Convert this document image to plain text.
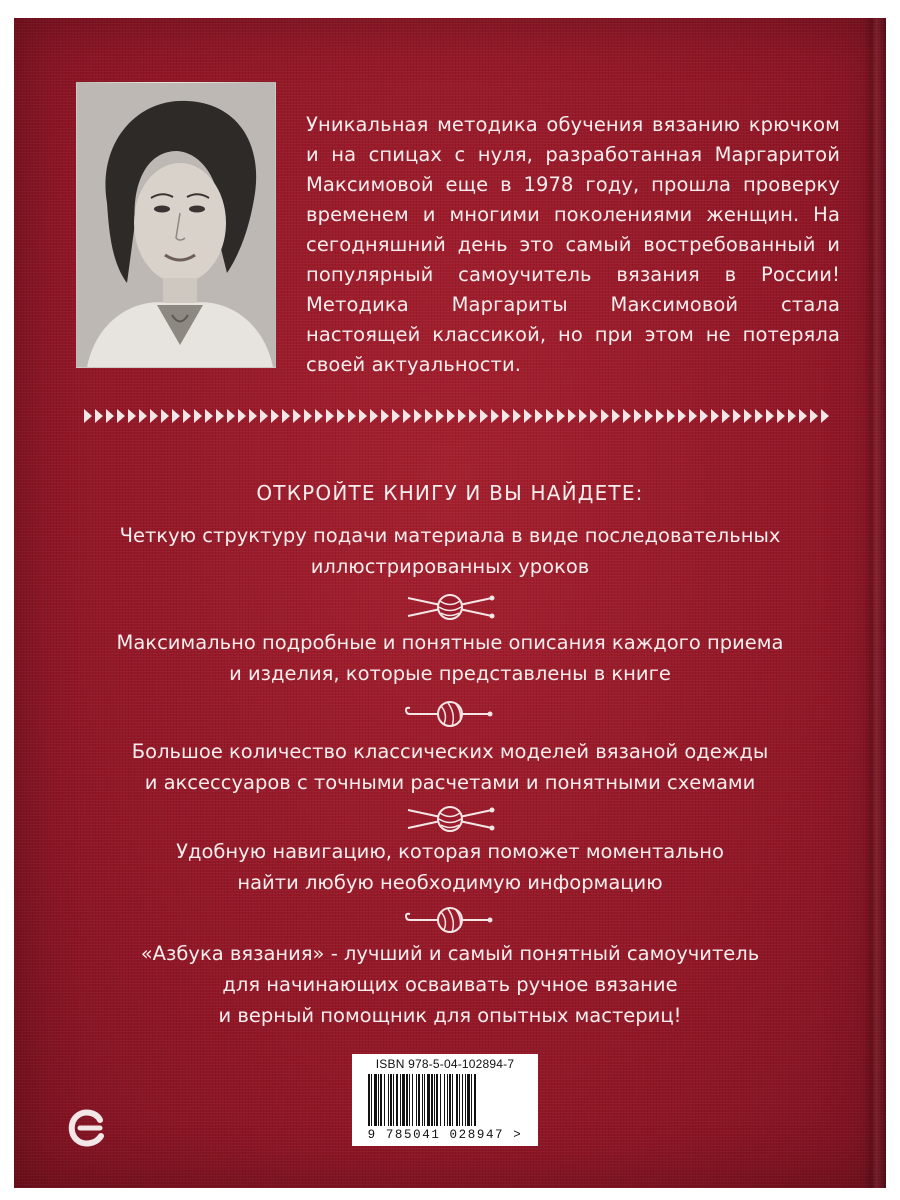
Уникальная методика обучения вязанию крючком и на спицах с нуля, разработанная Маргаритой Максимовой еще в 1978 году, прошла проверку временем и многими поколениями женщин. На сегодняшний день это самый востребованный и популярный самоучитель вязания в России! Методика Маргариты Максимовой стала настоящей классикой, но при этом не потеряла своей актуальности.

ОТКРОЙТЕ КНИГУ И ВЫ НАЙДЕТЕ:

Четкую структуру подачи материала в виде последовательных
иллюстрированных уроков

Максимально подробные и понятные описания каждого приема
и изделия, которые представлены в книге

Большое количество классических моделей вязаной одежды
и аксессуаров с точными расчетами и понятными схемами

Удобную навигацию, которая поможет моментально
найти любую необходимую информацию

«Азбука вязания» - лучший и самый понятный самоучитель
для начинающих осваивать ручное вязание
и верный помощник для опытных мастериц!

ISBN 978-5-04-102894-7
9 785041 028947 >
